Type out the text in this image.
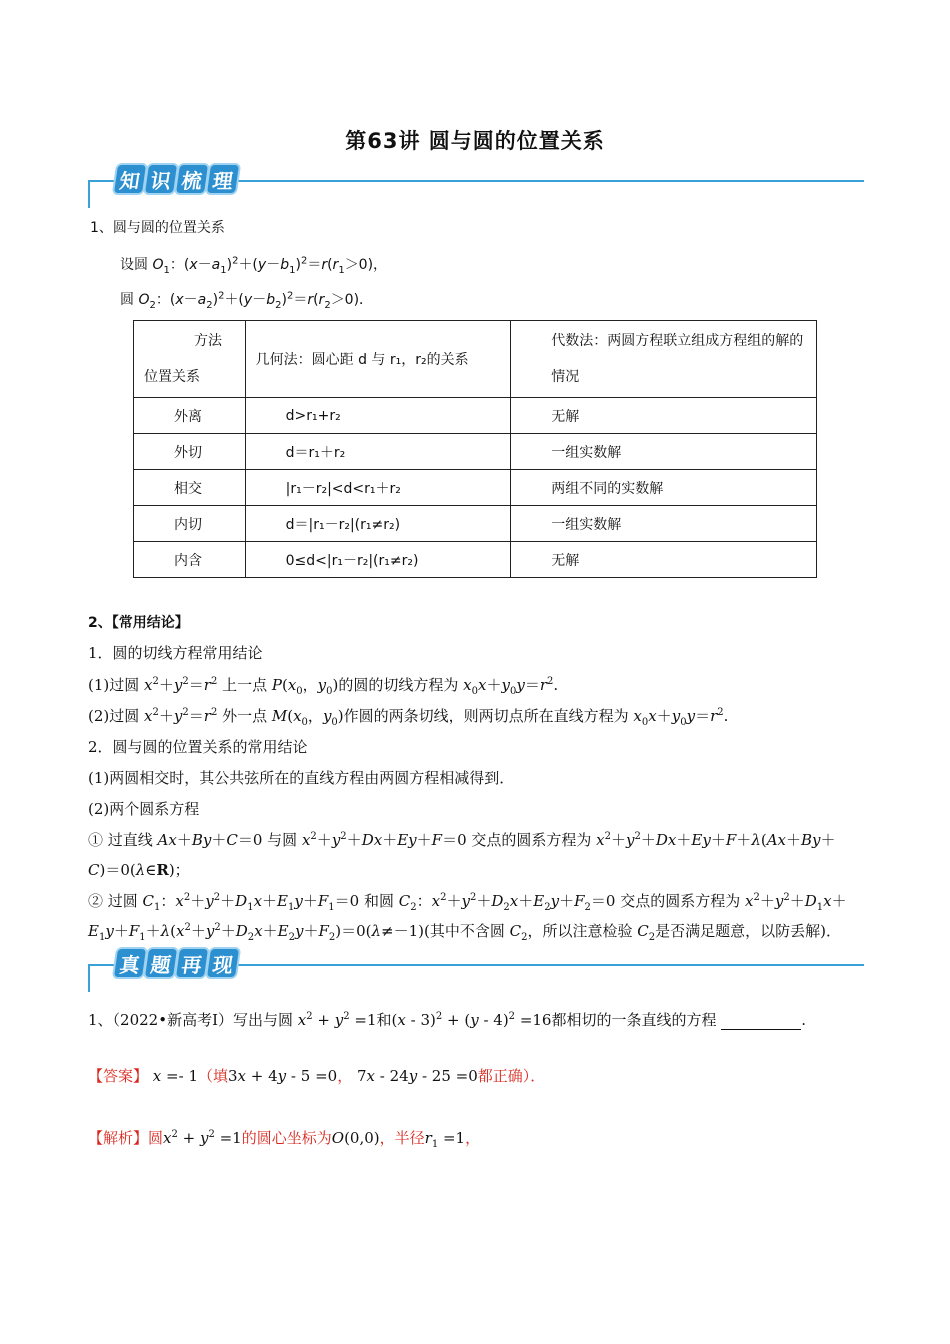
第63讲 圆与圆的位置关系
知 识 梳 理
1、圆与圆的位置关系
设圆 $O_1$：$(x-a_1)^2+(y-b_1)^2=r(r_1>0)$，
圆 $O_2$：$(x-a_2)^2+(y-b_2)^2=r(r_2>0)$．
方法
位置关系	几何法：圆心距 d 与 r₁，r₂的关系	代数法：两圆方程联立组成方程组的解的情况
外离	d>r₁+r₂	无解
外切	d＝r₁＋r₂	一组实数解
相交	|r₁－r₂|<d<r₁＋r₂	两组不同的实数解
内切	d＝|r₁－r₂|(r₁≠r₂)	一组实数解
内含	0≤d<|r₁－r₂|(r₁≠r₂)	无解
2、【常用结论】
1．圆的切线方程常用结论
(1)过圆 $x^2+y^2=r^2$ 上一点 $P(x_0$，$y_0$)的圆的切线方程为 $x_0x+y_0y=r^2$.
(2)过圆 $x^2+y^2=r^2$ 外一点 $M(x_0$，$y_0$)作圆的两条切线，则两切点所在直线方程为 $x_0x+y_0y=r^2$.
2．圆与圆的位置关系的常用结论
(1)两圆相交时，其公共弦所在的直线方程由两圆方程相减得到．
(2)两个圆系方程
① 过直线 Ax＋By＋C＝0 与圆 $x^2+y^2+Dx+Ey+F=0$ 交点的圆系方程为 $x^2+y^2+Dx+Ey+F+\lambda(Ax+By+$
C)＝0(λ∈R)；
② 过圆 $C_1$：$x^2+y^2+D_1x+E_1y+F_1=0$ 和圆 $C_2$：$x^2+y^2+D_2x+E_2y+F_2=0$ 交点的圆系方程为 $x^2+y^2+D_1x+$
$E_1y+F_1+\lambda(x^2+y^2+D_2x+E_2y+F_2)=0(\lambda\ne-1)$(其中不含圆 $C_2$，所以注意检验 $C_2$是否满足题意，以防丢解)．
真 题 再 现
1、（2022•新高考Ⅰ）写出与圆 $x^2 + y^2 =1$和(x - 3)$^2$ + (y - 4)$^2$ =16都相切的一条直线的方程	.
【答案】 x =- 1（填3x + 4y - 5 =0， 7x - 24y - 25 =0都正确）．
【解析】圆$x^2 + y^2 =1$的圆心坐标为O(0,0)，半径$r_1 =1$，
